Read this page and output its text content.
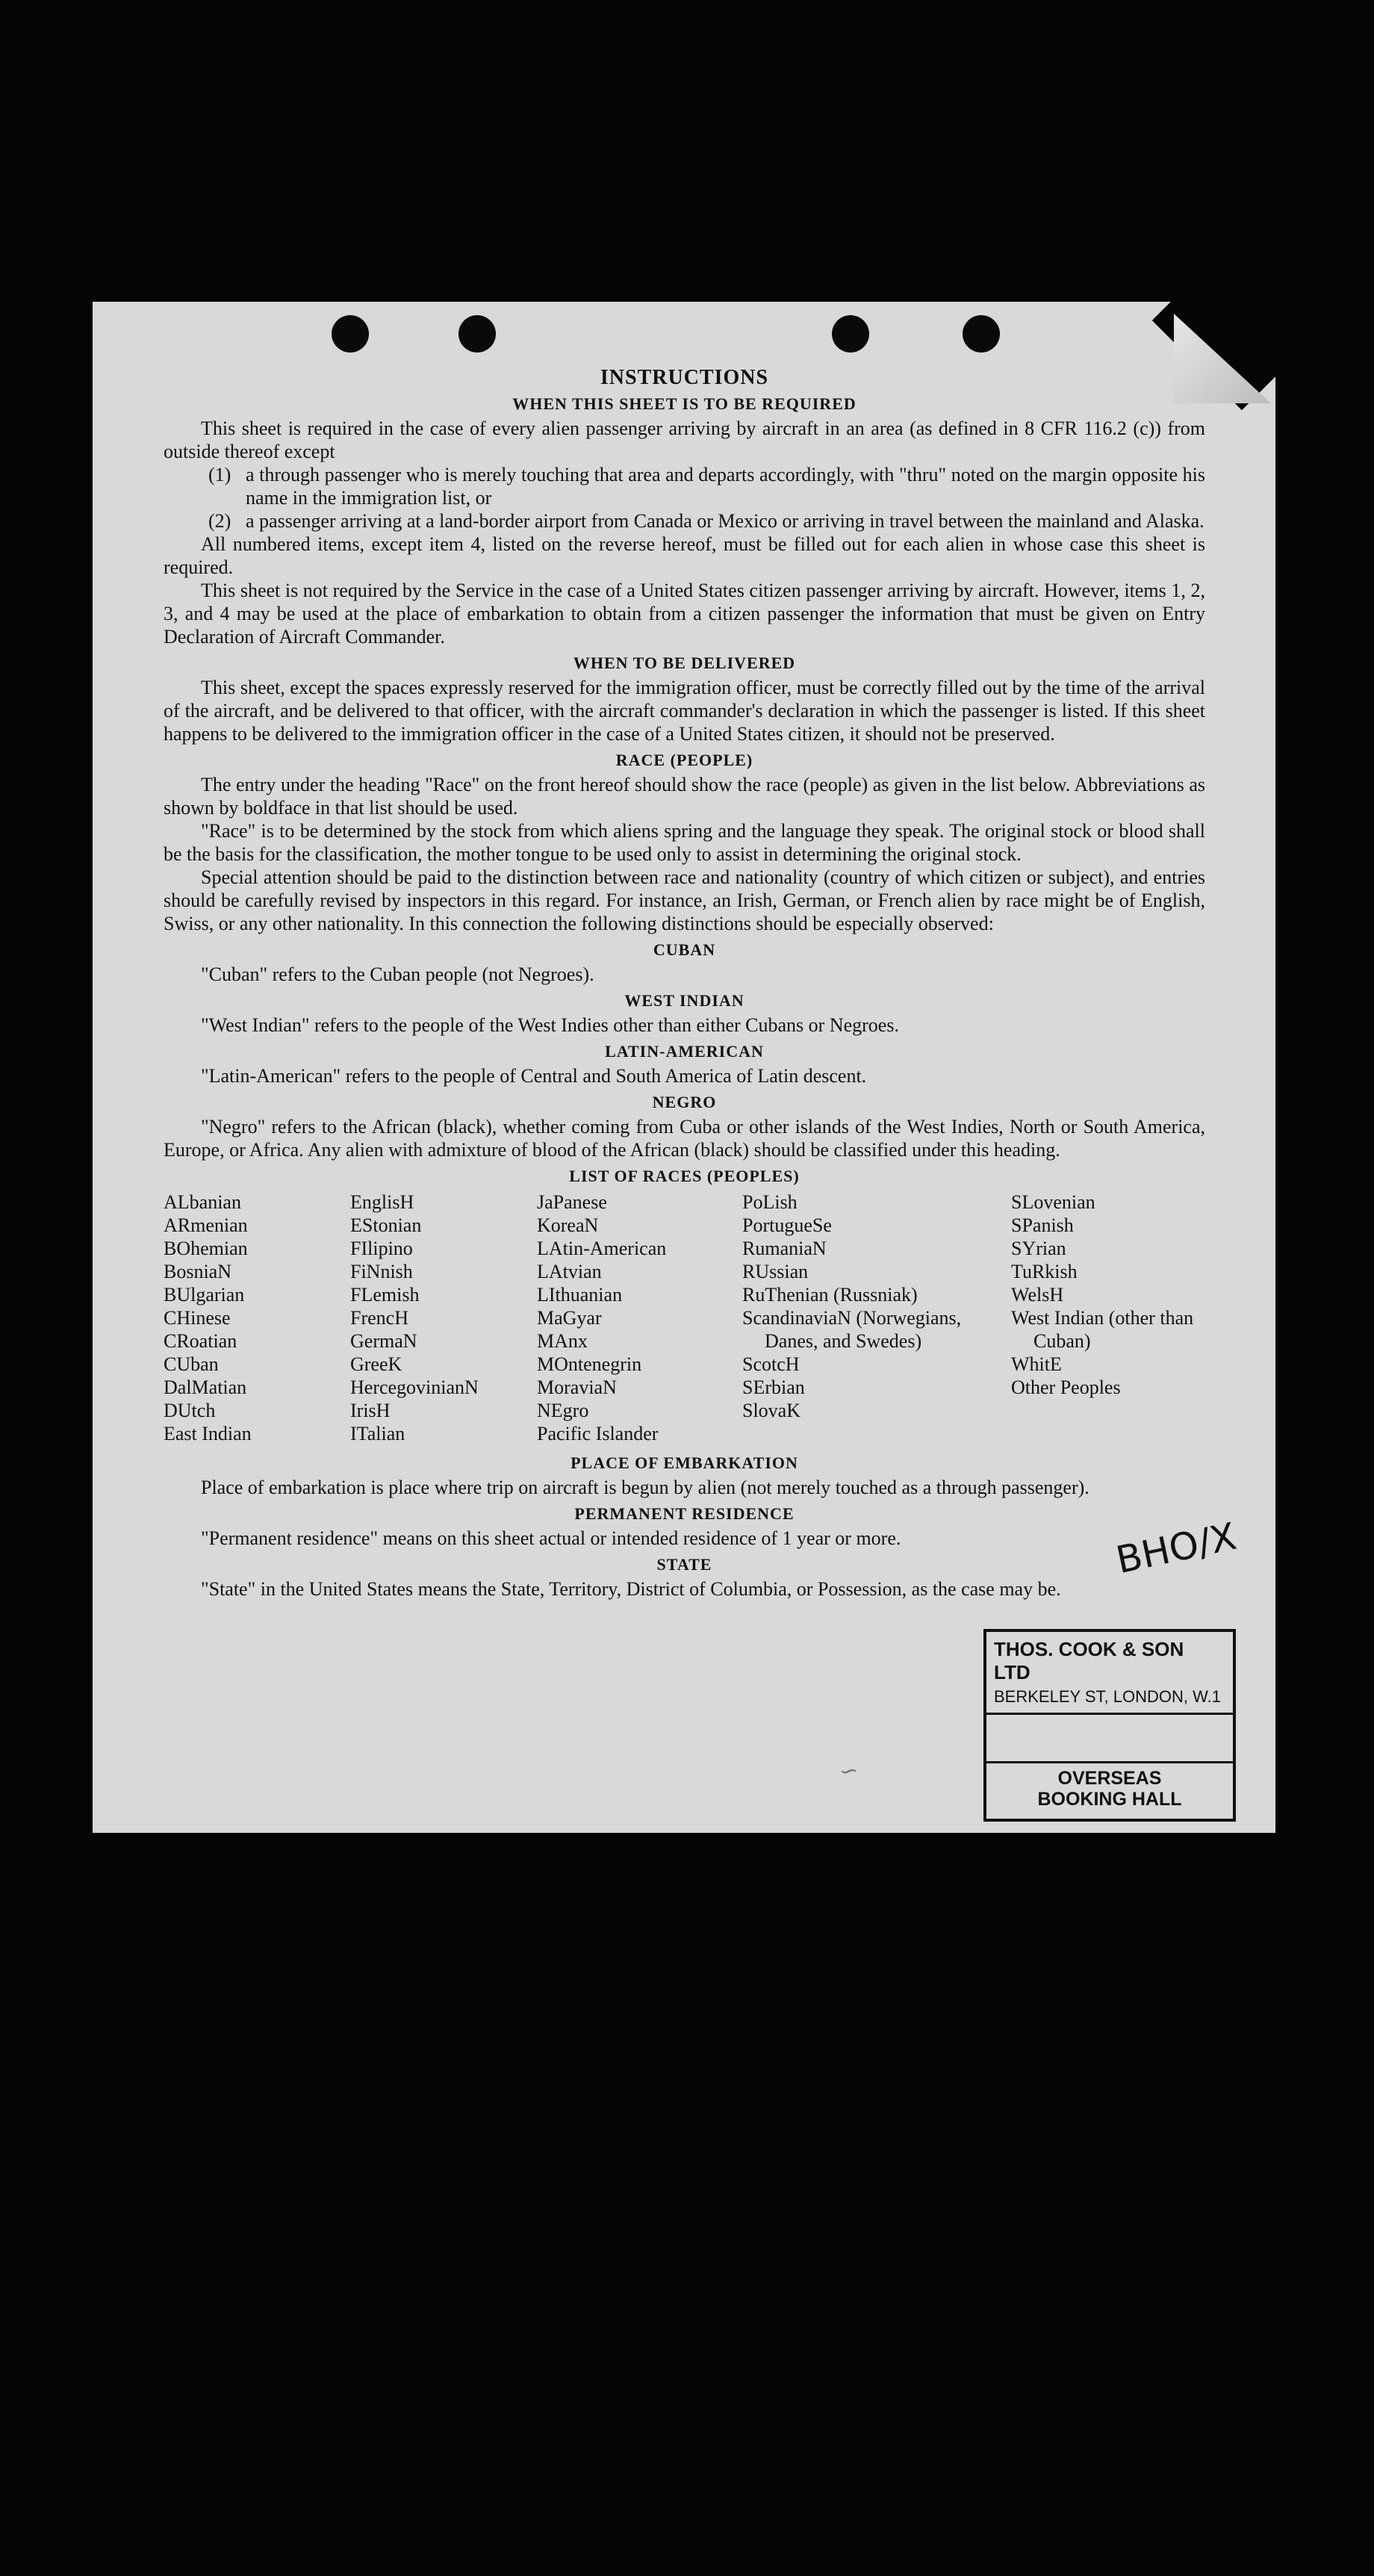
INSTRUCTIONS
WHEN THIS SHEET IS TO BE REQUIRED

This sheet is required in the case of every alien passenger arriving by aircraft in an area (as defined in 8 CFR 116.2 (c)) from outside thereof except

(1) a through passenger who is merely touching that area and departs accordingly, with "thru" noted on the margin opposite his name in the immigration list, or

(2) a passenger arriving at a land-border airport from Canada or Mexico or arriving in travel between the mainland and Alaska.

All numbered items, except item 4, listed on the reverse hereof, must be filled out for each alien in whose case this sheet is required.

This sheet is not required by the Service in the case of a United States citizen passenger arriving by aircraft. However, items 1, 2, 3, and 4 may be used at the place of embarkation to obtain from a citizen passenger the information that must be given on Entry Declaration of Aircraft Commander.

WHEN TO BE DELIVERED

This sheet, except the spaces expressly reserved for the immigration officer, must be correctly filled out by the time of the arrival of the aircraft, and be delivered to that officer, with the aircraft commander's declaration in which the passenger is listed. If this sheet happens to be delivered to the immigration officer in the case of a United States citizen, it should not be preserved.

RACE (PEOPLE)

The entry under the heading "Race" on the front hereof should show the race (people) as given in the list below. Abbreviations as shown by boldface in that list should be used.

"Race" is to be determined by the stock from which aliens spring and the language they speak. The original stock or blood shall be the basis for the classification, the mother tongue to be used only to assist in determining the original stock.

Special attention should be paid to the distinction between race and nationality (country of which citizen or subject), and entries should be carefully revised by inspectors in this regard. For instance, an Irish, German, or French alien by race might be of English, Swiss, or any other nationality. In this connection the following distinctions should be especially observed:

CUBAN

"Cuban" refers to the Cuban people (not Negroes).

WEST INDIAN

"West Indian" refers to the people of the West Indies other than either Cubans or Negroes.

LATIN-AMERICAN

"Latin-American" refers to the people of Central and South America of Latin descent.

NEGRO

"Negro" refers to the African (black), whether coming from Cuba or other islands of the West Indies, North or South America, Europe, or Africa. Any alien with admixture of blood of the African (black) should be classified under this heading.

LIST OF RACES (PEOPLES)
ALbanian
ARmenian
BOhemian
BosniaN
BUlgarian
CHinese
CRoatian
CUban
DalMatian
DUtch
East Indian
EnglisH
EStonian
FIlipino
FiNnish
FLemish
FrencH
GermaN
GreeK
HercegovinianN
IrisH
ITalian
JaPanese
KoreaN
LAtin-American
LAtvian
LIthuanian
MaGyar
MAnx
MOntenegrin
MoraviaN
NEgro
Pacific Islander
PoLish
PortugueSe
RumaniaN
RUssian
RuThenian (Russniak)
ScandinaviaN (Norwegians, Danes, and Swedes)
ScotcH
SErbian
SlovaK
SLovenian
SPanish
SYrian
TuRkish
WelsH
West Indian (other than Cuban)
WhitE
Other Peoples
PLACE OF EMBARKATION

Place of embarkation is place where trip on aircraft is begun by alien (not merely touched as a through passenger).

PERMANENT RESIDENCE

"Permanent residence" means on this sheet actual or intended residence of 1 year or more.

STATE

"State" in the United States means the State, Territory, District of Columbia, or Possession, as the case may be.

BHO/X
∽
THOS. COOK & SON LTD
BERKELEY ST, LONDON, W.1
OVERSEAS
BOOKING HALL
